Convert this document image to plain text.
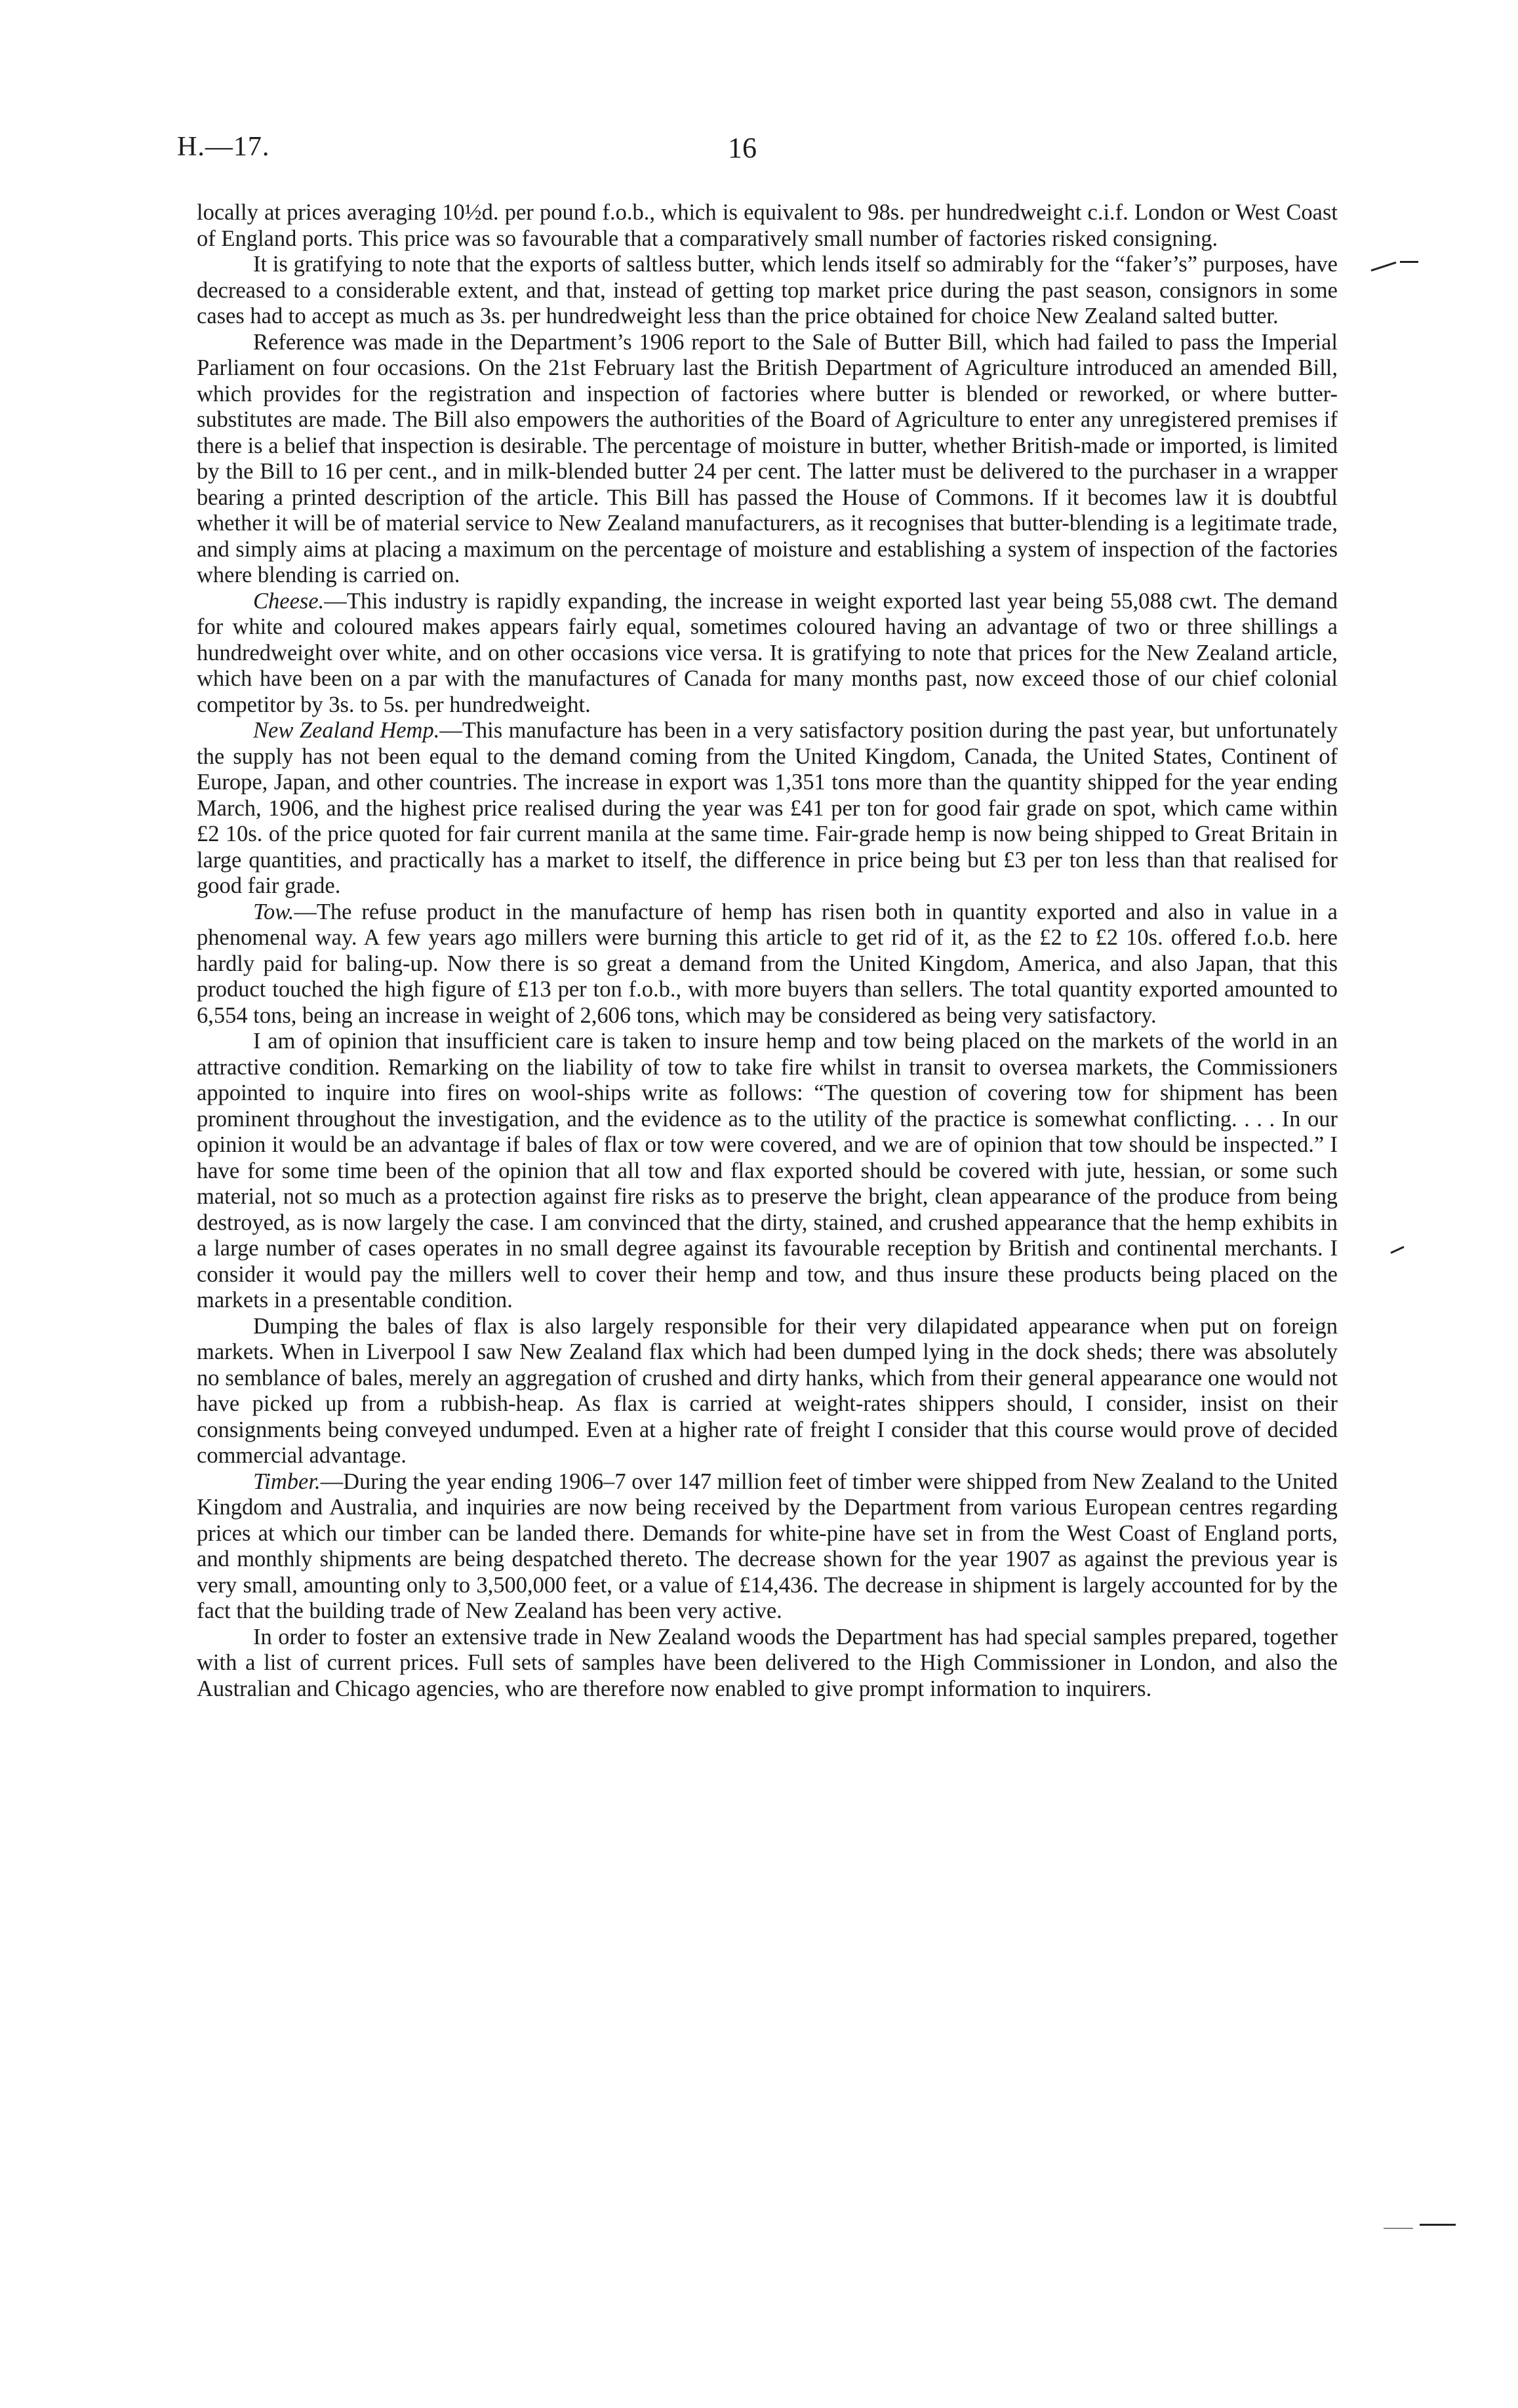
H.—17.	16

locally at prices averaging 10½d. per pound f.o.b., which is equivalent to 98s. per hundredweight c.i.f. London or West Coast of England ports. This price was so favourable that a comparatively small number of factories risked consigning.

It is gratifying to note that the exports of saltless butter, which lends itself so admirably for the “faker’s” purposes, have decreased to a considerable extent, and that, instead of getting top market price during the past season, consignors in some cases had to accept as much as 3s. per hundredweight less than the price obtained for choice New Zealand salted butter.

Reference was made in the Department’s 1906 report to the Sale of Butter Bill, which had failed to pass the Imperial Parliament on four occasions. On the 21st February last the British Department of Agriculture introduced an amended Bill, which provides for the registration and inspection of factories where butter is blended or reworked, or where butter-substitutes are made. The Bill also empowers the authorities of the Board of Agriculture to enter any unregistered premises if there is a belief that inspection is desirable. The percentage of moisture in butter, whether British-made or imported, is limited by the Bill to 16 per cent., and in milk-blended butter 24 per cent. The latter must be delivered to the purchaser in a wrapper bearing a printed description of the article. This Bill has passed the House of Commons. If it becomes law it is doubtful whether it will be of material service to New Zealand manufacturers, as it recognises that butter-blending is a legitimate trade, and simply aims at placing a maximum on the percentage of moisture and establishing a system of inspection of the factories where blending is carried on.

Cheese.—This industry is rapidly expanding, the increase in weight exported last year being 55,088 cwt. The demand for white and coloured makes appears fairly equal, sometimes coloured having an advantage of two or three shillings a hundredweight over white, and on other occasions vice versa. It is gratifying to note that prices for the New Zealand article, which have been on a par with the manufactures of Canada for many months past, now exceed those of our chief colonial competitor by 3s. to 5s. per hundredweight.

New Zealand Hemp.—This manufacture has been in a very satisfactory position during the past year, but unfortunately the supply has not been equal to the demand coming from the United Kingdom, Canada, the United States, Continent of Europe, Japan, and other countries. The increase in export was 1,351 tons more than the quantity shipped for the year ending March, 1906, and the highest price realised during the year was £41 per ton for good fair grade on spot, which came within £2 10s. of the price quoted for fair current manila at the same time. Fair-grade hemp is now being shipped to Great Britain in large quantities, and practically has a market to itself, the difference in price being but £3 per ton less than that realised for good fair grade.

Tow.—The refuse product in the manufacture of hemp has risen both in quantity exported and also in value in a phenomenal way. A few years ago millers were burning this article to get rid of it, as the £2 to £2 10s. offered f.o.b. here hardly paid for baling-up. Now there is so great a demand from the United Kingdom, America, and also Japan, that this product touched the high figure of £13 per ton f.o.b., with more buyers than sellers. The total quantity exported amounted to 6,554 tons, being an increase in weight of 2,606 tons, which may be considered as being very satisfactory.

I am of opinion that insufficient care is taken to insure hemp and tow being placed on the markets of the world in an attractive condition. Remarking on the liability of tow to take fire whilst in transit to oversea markets, the Commissioners appointed to inquire into fires on wool-ships write as follows: “The question of covering tow for shipment has been prominent throughout the investigation, and the evidence as to the utility of the practice is somewhat conflicting. . . . In our opinion it would be an advantage if bales of flax or tow were covered, and we are of opinion that tow should be inspected.” I have for some time been of the opinion that all tow and flax exported should be covered with jute, hessian, or some such material, not so much as a protection against fire risks as to preserve the bright, clean appearance of the produce from being destroyed, as is now largely the case. I am convinced that the dirty, stained, and crushed appearance that the hemp exhibits in a large number of cases operates in no small degree against its favourable reception by British and continental merchants. I consider it would pay the millers well to cover their hemp and tow, and thus insure these products being placed on the markets in a presentable condition.

Dumping the bales of flax is also largely responsible for their very dilapidated appearance when put on foreign markets. When in Liverpool I saw New Zealand flax which had been dumped lying in the dock sheds; there was absolutely no semblance of bales, merely an aggregation of crushed and dirty hanks, which from their general appearance one would not have picked up from a rubbish-heap. As flax is carried at weight-rates shippers should, I consider, insist on their consignments being conveyed undumped. Even at a higher rate of freight I consider that this course would prove of decided commercial advantage.

Timber.—During the year ending 1906–7 over 147 million feet of timber were shipped from New Zealand to the United Kingdom and Australia, and inquiries are now being received by the Department from various European centres regarding prices at which our timber can be landed there. Demands for white-pine have set in from the West Coast of England ports, and monthly shipments are being despatched thereto. The decrease shown for the year 1907 as against the previous year is very small, amounting only to 3,500,000 feet, or a value of £14,436. The decrease in shipment is largely accounted for by the fact that the building trade of New Zealand has been very active.

In order to foster an extensive trade in New Zealand woods the Department has had special samples prepared, together with a list of current prices. Full sets of samples have been delivered to the High Commissioner in London, and also the Australian and Chicago agencies, who are therefore now enabled to give prompt information to inquirers.
